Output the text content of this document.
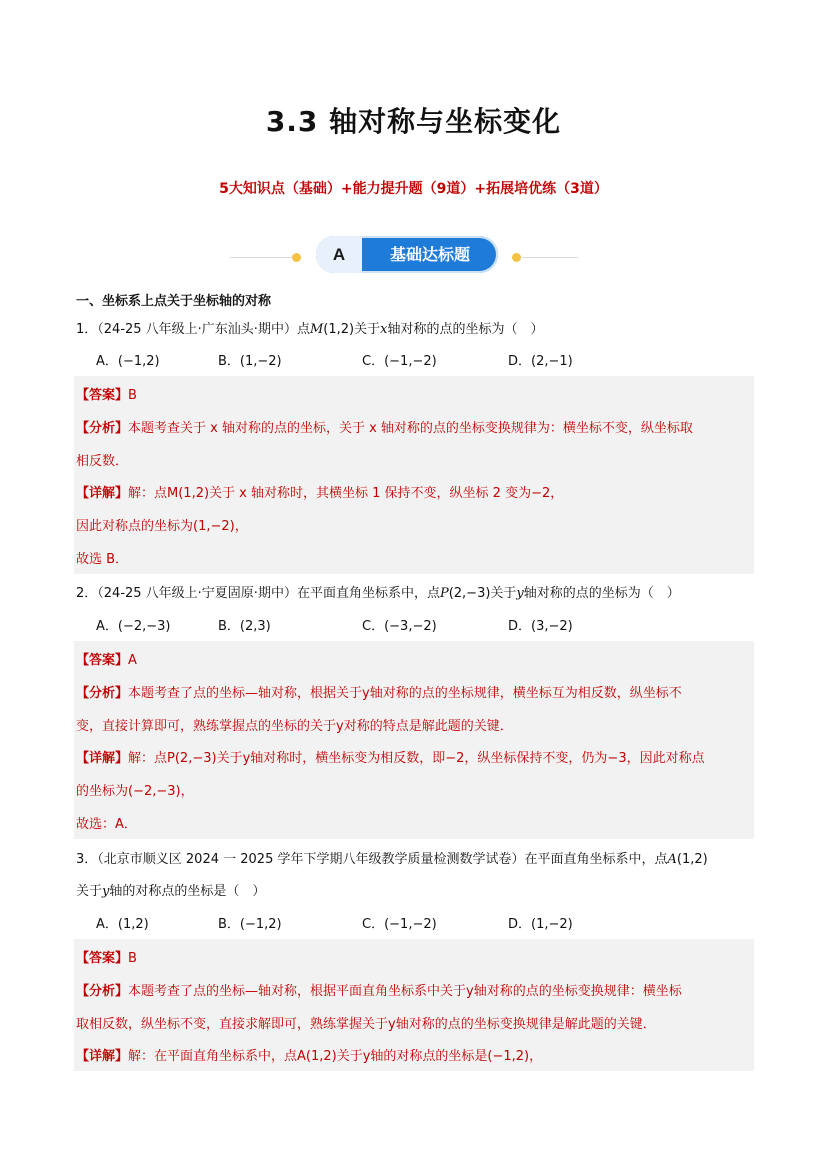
3.3 轴对称与坐标变化
5大知识点（基础）+能力提升题（9道）+拓展培优练（3道）
A	基础达标题
一、坐标系上点关于坐标轴的对称
1．（24-25 八年级上·广东汕头·期中）点M(1,2)关于x轴对称的点的坐标为（　）
A．(−1,2)	B．(1,−2)	C．(−1,−2)	D．(2,−1)
【答案】B
【分析】本题考查关于 x 轴对称的点的坐标，关于 x 轴对称的点的坐标变换规律为：横坐标不变，纵坐标取
相反数．
【详解】解：点M(1,2)关于 x 轴对称时，其横坐标 1 保持不变，纵坐标 2 变为−2，
因此对称点的坐标为(1,−2)，
故选 B．
2．（24-25 八年级上·宁夏固原·期中）在平面直角坐标系中，点P(2,−3)关于y轴对称的点的坐标为（　）
A．(−2,−3)	B．(2,3)	C．(−3,−2)	D．(3,−2)
【答案】A
【分析】本题考查了点的坐标—轴对称，根据关于y轴对称的点的坐标规律，横坐标互为相反数，纵坐标不
变，直接计算即可，熟练掌握点的坐标的关于y对称的特点是解此题的关键．
【详解】解：点P(2,−3)关于y轴对称时，横坐标变为相反数，即−2，纵坐标保持不变，仍为−3，因此对称点
的坐标为(−2,−3)，
故选：A．
3．（北京市顺义区 2024 一 2025 学年下学期八年级教学质量检测数学试卷）在平面直角坐标系中，点A(1,2)
关于y轴的对称点的坐标是（　）
A．(1,2)	B．(−1,2)	C．(−1,−2)	D．(1,−2)
【答案】B
【分析】本题考查了点的坐标—轴对称，根据平面直角坐标系中关于y轴对称的点的坐标变换规律：横坐标
取相反数，纵坐标不变，直接求解即可，熟练掌握关于y轴对称的点的坐标变换规律是解此题的关键．
【详解】解：在平面直角坐标系中，点A(1,2)关于y轴的对称点的坐标是(−1,2)，
